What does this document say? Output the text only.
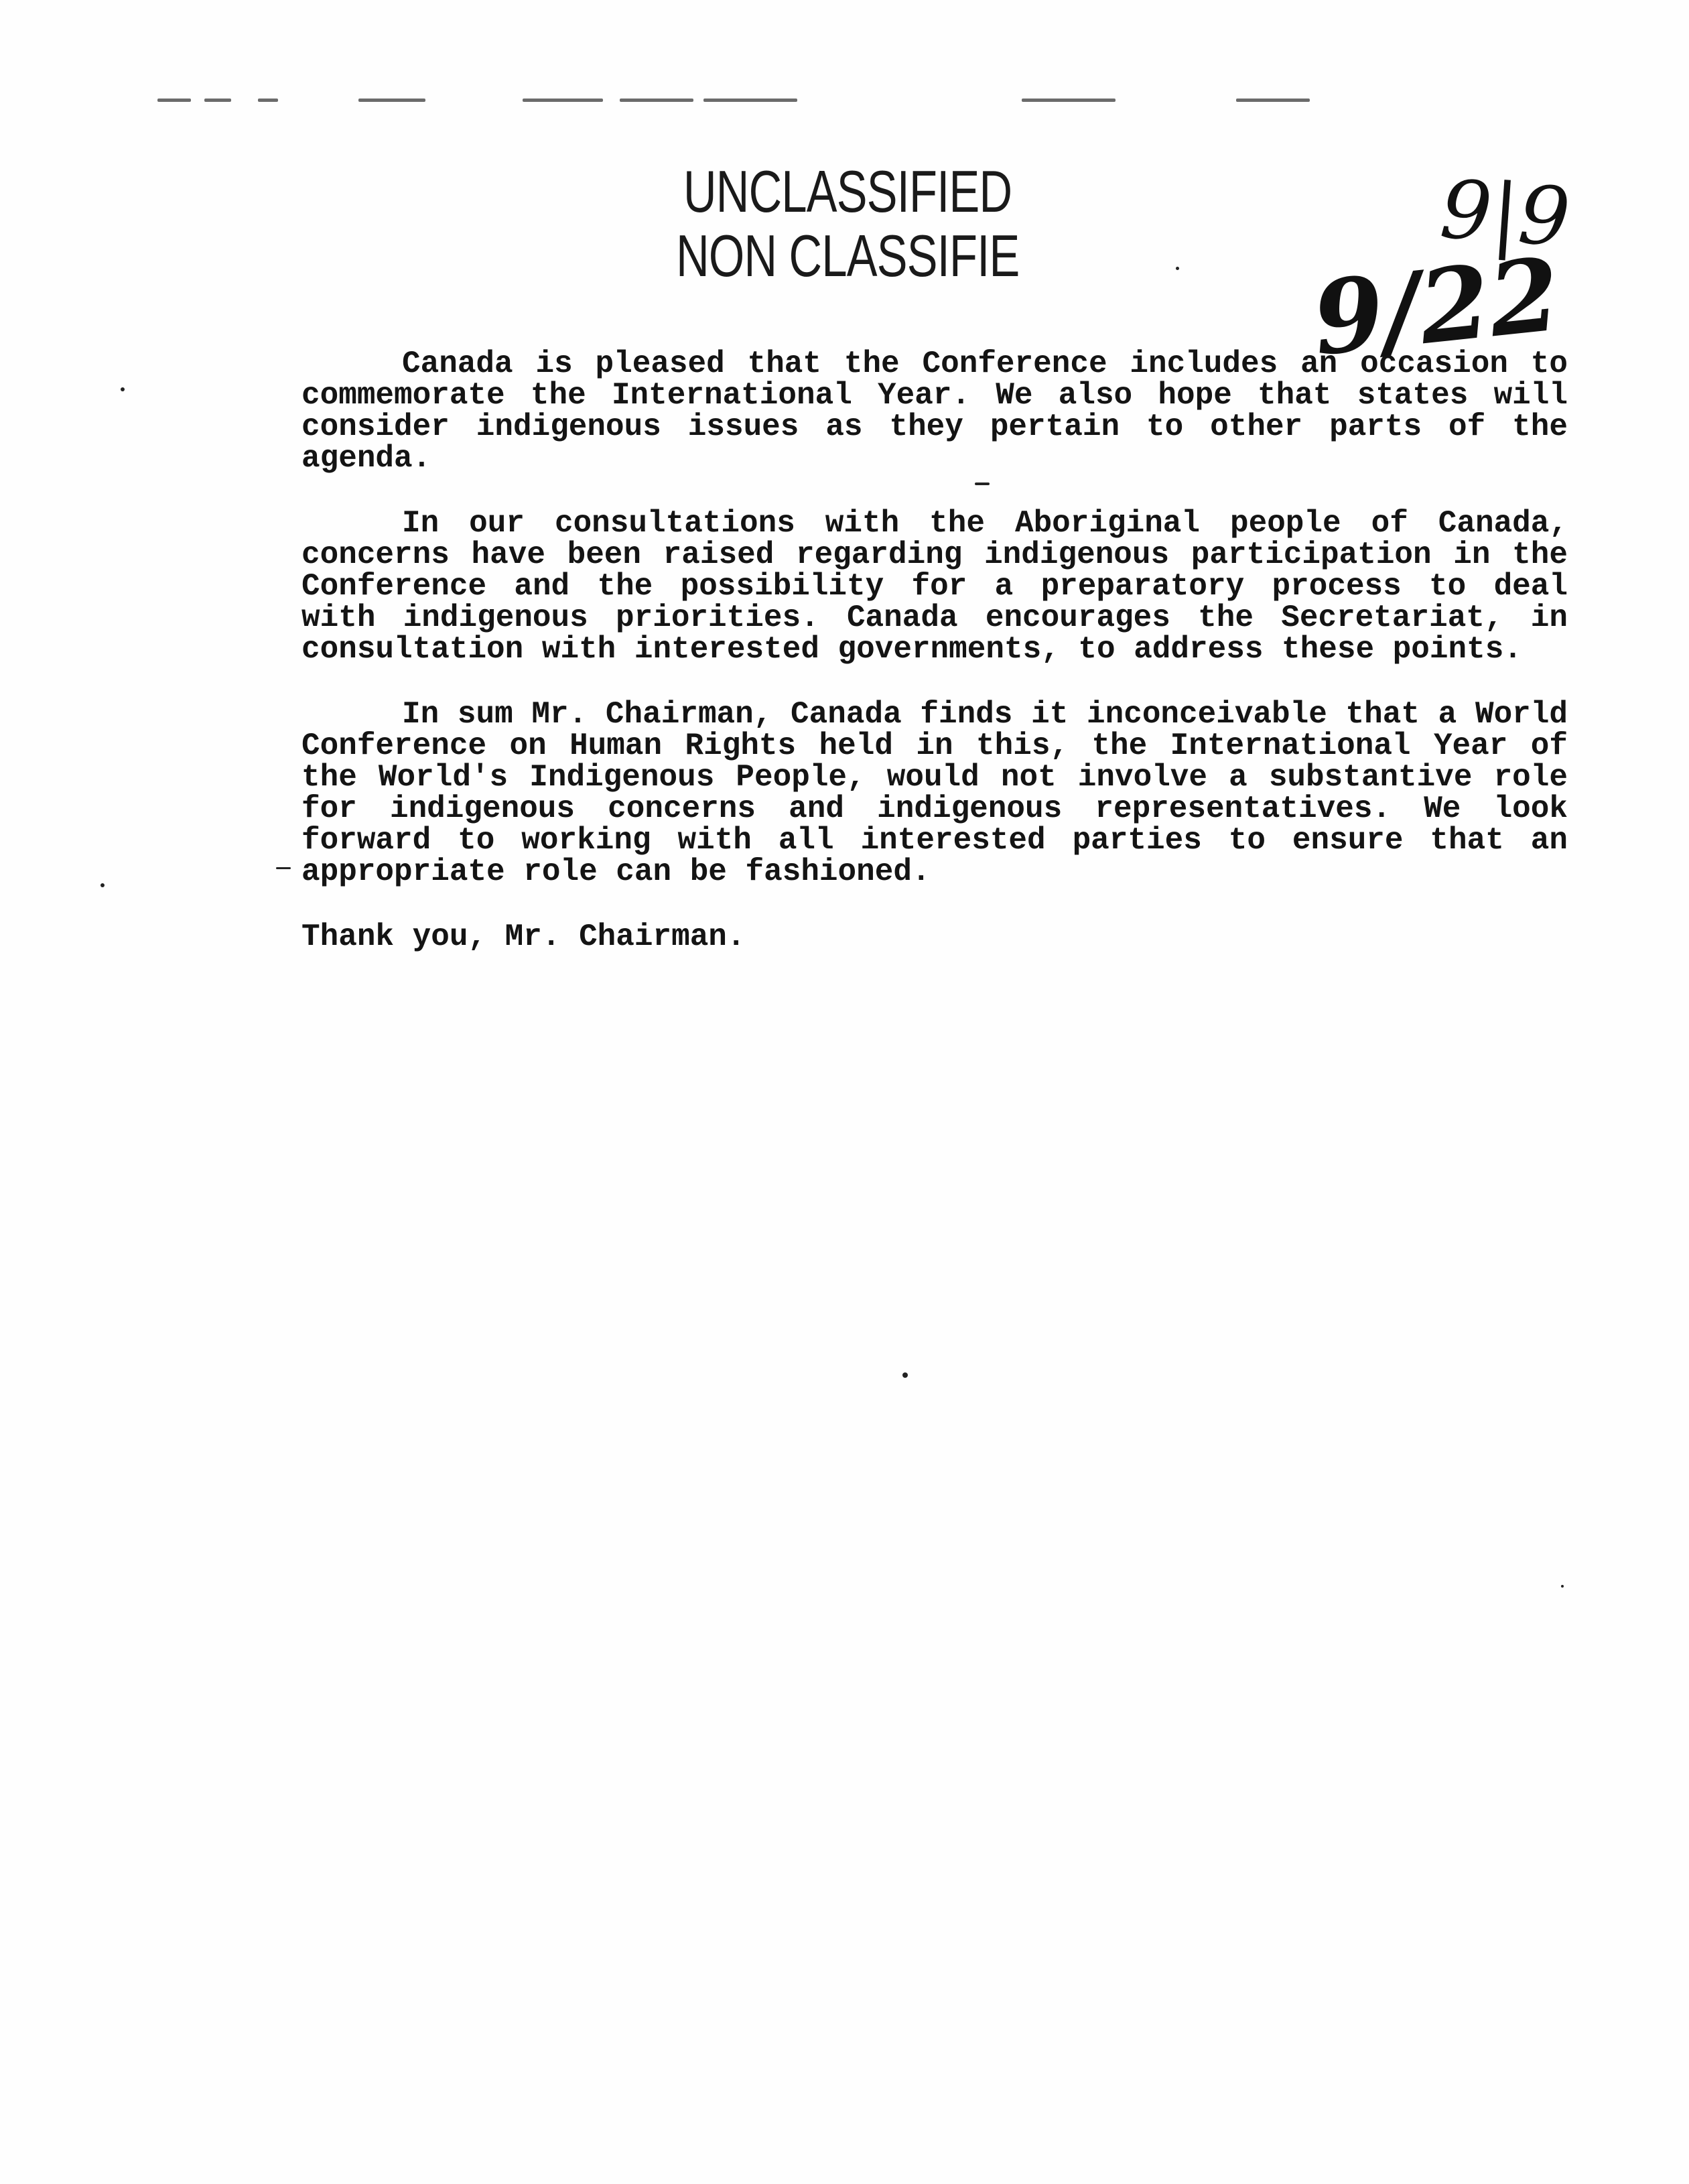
UNCLASSIFIED
NON CLASSIFIE	9|9
9/22

Canada is pleased that the Conference includes an occasion to commemorate the International Year. We also hope that states will consider indigenous issues as they pertain to other parts of the agenda.

In our consultations with the Aboriginal people of Canada, concerns have been raised regarding indigenous participation in the Conference and the possibility for a preparatory process to deal with indigenous priorities. Canada encourages the Secretariat, in consultation with interested governments, to address these points.

In sum Mr. Chairman, Canada finds it inconceivable that a World Conference on Human Rights held in this, the International Year of the World's Indigenous People, would not involve a substantive role for indigenous concerns and indigenous representatives. We look forward to working with all interested parties to ensure that an appropriate role can be fashioned.

Thank you, Mr. Chairman.
